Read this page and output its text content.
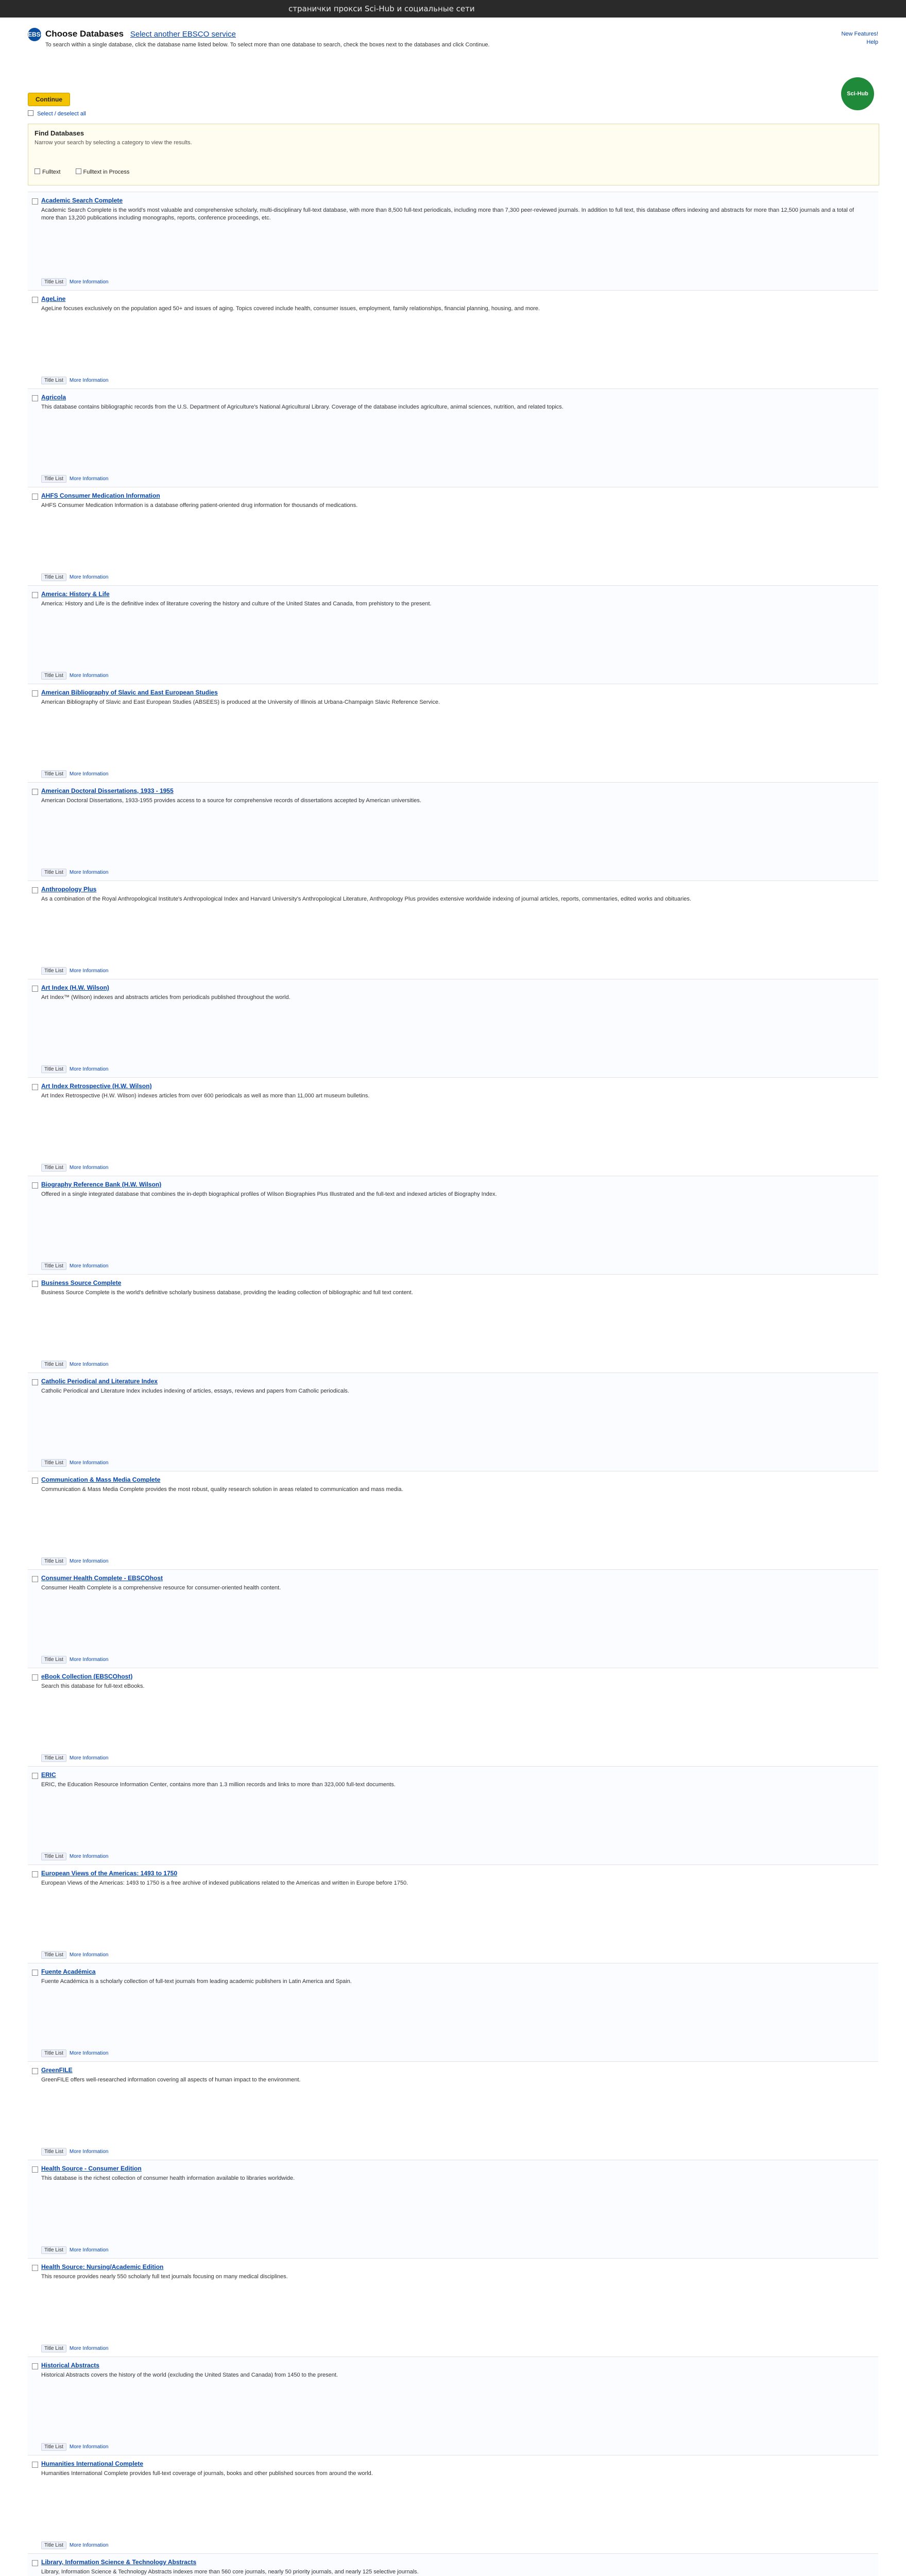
странички прокси Sci-Hub и социальные сети
EBSCO
Choose Databases Select another EBSCO service
To search within a single database, click the database name listed below. To select more than one database to search, check the boxes next to the databases and click Continue.
New Features!
Help
Sci-Hub
Continue
Select / deselect all
Find Databases
Narrow your search by selecting a category to view the results.
Fulltext	Fulltext in Process
Academic Search Complete
Academic Search Complete is the world's most valuable and comprehensive scholarly, multi-disciplinary full-text database, with more than 8,500 full-text periodicals, including more than 7,300 peer-reviewed journals. In addition to full text, this database offers indexing and abstracts for more than 12,500 journals and a total of more than 13,200 publications including monographs, reports, conference proceedings, etc.
Title List More Information
AgeLine
AgeLine focuses exclusively on the population aged 50+ and issues of aging. Topics covered include health, consumer issues, employment, family relationships, financial planning, housing, and more.
Title List More Information
Agricola
This database contains bibliographic records from the U.S. Department of Agriculture's National Agricultural Library. Coverage of the database includes agriculture, animal sciences, nutrition, and related topics.
Title List More Information
AHFS Consumer Medication Information
AHFS Consumer Medication Information is a database offering patient-oriented drug information for thousands of medications.
Title List More Information
America: History & Life
America: History and Life is the definitive index of literature covering the history and culture of the United States and Canada, from prehistory to the present.
Title List More Information
American Bibliography of Slavic and East European Studies
American Bibliography of Slavic and East European Studies (ABSEES) is produced at the University of Illinois at Urbana-Champaign Slavic Reference Service.
Title List More Information
American Doctoral Dissertations, 1933 - 1955
American Doctoral Dissertations, 1933-1955 provides access to a source for comprehensive records of dissertations accepted by American universities.
Title List More Information
Anthropology Plus
As a combination of the Royal Anthropological Institute's Anthropological Index and Harvard University's Anthropological Literature, Anthropology Plus provides extensive worldwide indexing of journal articles, reports, commentaries, edited works and obituaries.
Title List More Information
Art Index (H.W. Wilson)
Art Index™ (Wilson) indexes and abstracts articles from periodicals published throughout the world.
Title List More Information
Art Index Retrospective (H.W. Wilson)
Art Index Retrospective (H.W. Wilson) indexes articles from over 600 periodicals as well as more than 11,000 art museum bulletins.
Title List More Information
Biography Reference Bank (H.W. Wilson)
Offered in a single integrated database that combines the in-depth biographical profiles of Wilson Biographies Plus Illustrated and the full-text and indexed articles of Biography Index.
Title List More Information
Business Source Complete
Business Source Complete is the world's definitive scholarly business database, providing the leading collection of bibliographic and full text content.
Title List More Information
Catholic Periodical and Literature Index
Catholic Periodical and Literature Index includes indexing of articles, essays, reviews and papers from Catholic periodicals.
Title List More Information
Communication & Mass Media Complete
Communication & Mass Media Complete provides the most robust, quality research solution in areas related to communication and mass media.
Title List More Information
Consumer Health Complete - EBSCOhost
Consumer Health Complete is a comprehensive resource for consumer-oriented health content.
Title List More Information
eBook Collection (EBSCOhost)
Search this database for full-text eBooks.
Title List More Information
ERIC
ERIC, the Education Resource Information Center, contains more than 1.3 million records and links to more than 323,000 full-text documents.
Title List More Information
European Views of the Americas: 1493 to 1750
European Views of the Americas: 1493 to 1750 is a free archive of indexed publications related to the Americas and written in Europe before 1750.
Title List More Information
Fuente Académica
Fuente Académica is a scholarly collection of full-text journals from leading academic publishers in Latin America and Spain.
Title List More Information
GreenFILE
GreenFILE offers well-researched information covering all aspects of human impact to the environment.
Title List More Information
Health Source - Consumer Edition
This database is the richest collection of consumer health information available to libraries worldwide.
Title List More Information
Health Source: Nursing/Academic Edition
This resource provides nearly 550 scholarly full text journals focusing on many medical disciplines.
Title List More Information
Historical Abstracts
Historical Abstracts covers the history of the world (excluding the United States and Canada) from 1450 to the present.
Title List More Information
Humanities International Complete
Humanities International Complete provides full-text coverage of journals, books and other published sources from around the world.
Title List More Information
Library, Information Science & Technology Abstracts
Library, Information Science & Technology Abstracts indexes more than 560 core journals, nearly 50 priority journals, and nearly 125 selective journals.
